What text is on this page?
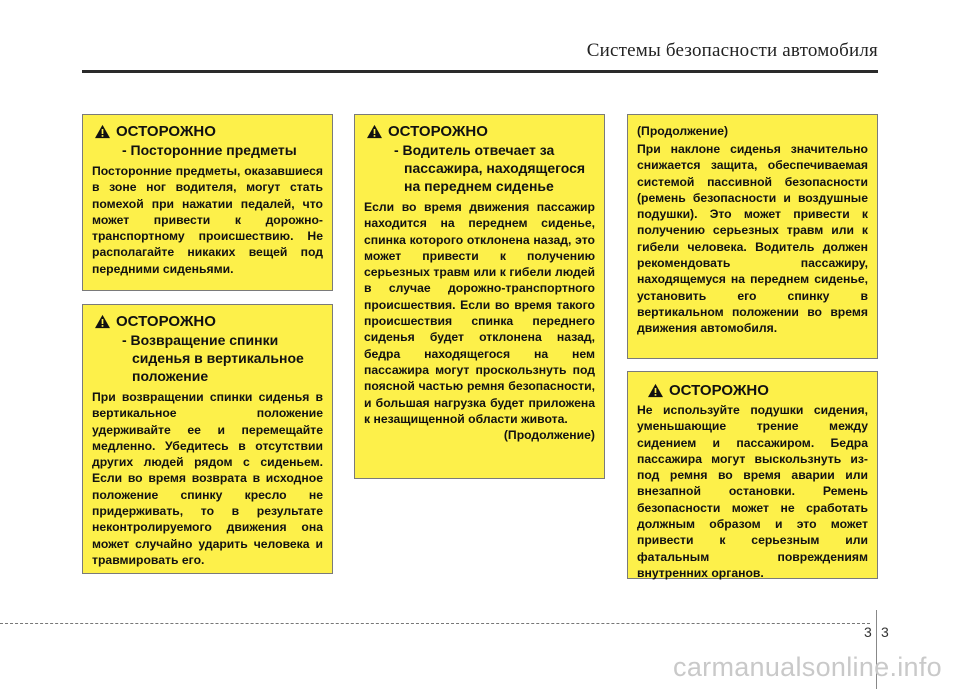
Системы безопасности автомобиля
ОСТОРОЖНО
- Посторонние предметы

Посторонние предметы, оказавшиеся в зоне ног водителя, могут стать помехой при нажатии педалей, что может привести к дорожно-транспортному происшествию. Не располагайте никаких вещей под передними сиденьями.

ОСТОРОЖНО
- Возвращение спинки сиденья в вертикальное положение

При возвращении спинки сиденья в вертикальное положение удерживайте ее и перемещайте медленно. Убедитесь в отсутствии других людей рядом с сиденьем. Если во время возврата в исходное положение спинку кресло не придерживать, то в результате неконтролируемого движения она может случайно ударить человека и травмировать его.

ОСТОРОЖНО
- Водитель отвечает за пассажира, находящегося на переднем сиденье

Если во время движения пассажир находится на переднем сиденье, спинка которого отклонена назад, это может привести к получению серьезных травм или к гибели людей в случае дорожно-транспортного происшествия. Если во время такого происшествия спинка переднего сиденья будет отклонена назад, бедра находящегося на нем пассажира могут проскользнуть под поясной частью ремня безопасности, и большая нагрузка будет приложена к незащищенной области живота.

(Продолжение)

(Продолжение)

При наклоне сиденья значительно снижается защита, обеспечиваемая системой пассивной безопасности (ремень безопасности и воздушные подушки). Это может привести к получению серьезных травм или к гибели человека. Водитель должен рекомендовать пассажиру, находящемуся на переднем сиденье, установить его спинку в вертикальном положении во время движения автомобиля.

ОСТОРОЖНО

Не используйте подушки сидения, уменьшающие трение между сидением и пассажиром. Бедра пассажира могут выскользнуть из-под ремня во время аварии или внезапной остановки. Ремень безопасности может не сработать должным образом и это может привести к серьезным или фатальным повреждениям внутренних органов.

3 3
carmanualsonline.info
